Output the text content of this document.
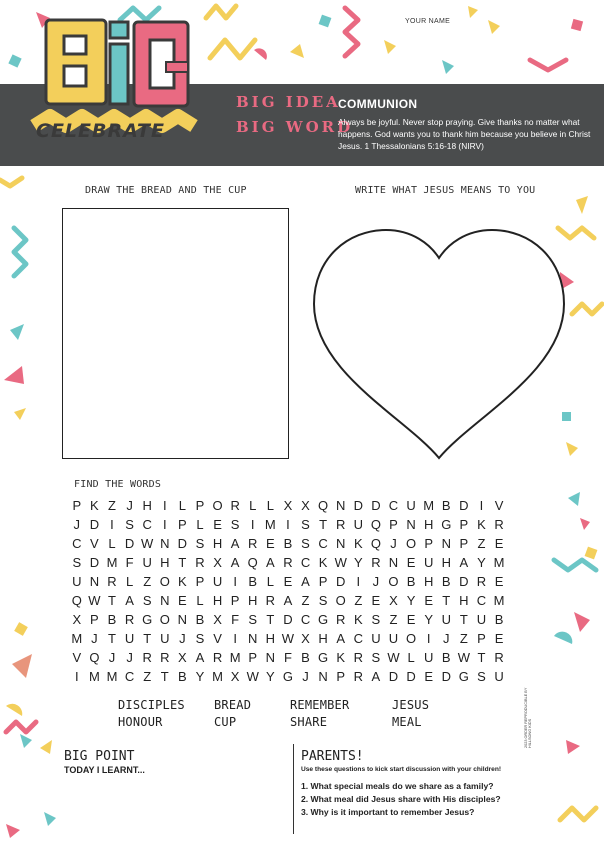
YOUR NAME
CELEBRATE
BIG IDEA
BIG WORD
COMMUNION

Always be joyful. Never stop praying. Give thanks no matter what happens. God wants you to thank him because you believe in Christ Jesus. 1 Thessalonians 5:16-18 (NIRV)

DRAW THE BREAD AND THE CUP	WRITE WHAT JESUS MEANS TO YOU
FIND THE WORDS
P K Z J H I L P O R L L X X Q N D D C U M B D I V
J D I S C I P L E S I M I S T R U Q P N H G P K R
C V L D W N D S H A R E B S C N K Q J O P N P Z E
S D M F U H T R X A Q A R C K W Y R N E U H A Y M
U N R L Z O K P U I B L E A P D I J O B H B D R E
Q W T A S N E L H P H R A Z S O Z E X Y E T H C M
X P B R G O N B X F S T D C G R K S Z E Y U T U B
M J T U T U J S V I N H W X H A C U U O I J Z P E
V Q J J R R X A R M P N F B G K R S W L U B W T R
I M M C Z T B Y M X W Y G J N P R A D D E D G S U
DISCIPLES
HONOUR
BREAD
CUP
REMEMBER
SHARE
JESUS
MEAL
BIG POINT
TODAY I LEARNT...
PARENTS!
Use these questions to kick start discussion with your children!
1. What special meals do we share as a family?
2. What meal did Jesus share with His disciples?
3. Why is it important to remember Jesus?
2023 ORDER REPRODUCIBLE BY HILLSONG KIDS
